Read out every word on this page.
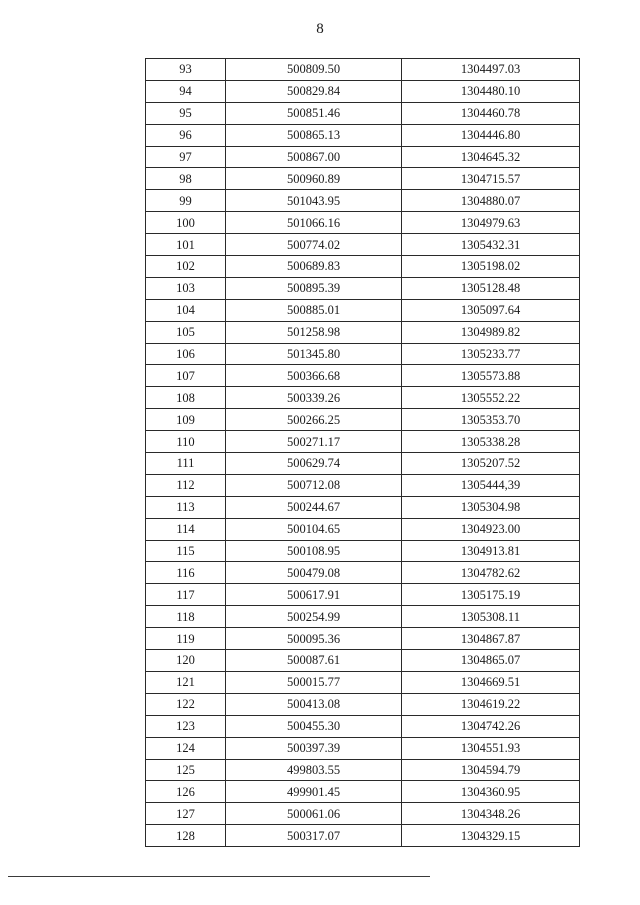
8
93	500809.50	1304497.03
94	500829.84	1304480.10
95	500851.46	1304460.78
96	500865.13	1304446.80
97	500867.00	1304645.32
98	500960.89	1304715.57
99	501043.95	1304880.07
100	501066.16	1304979.63
101	500774.02	1305432.31
102	500689.83	1305198.02
103	500895.39	1305128.48
104	500885.01	1305097.64
105	501258.98	1304989.82
106	501345.80	1305233.77
107	500366.68	1305573.88
108	500339.26	1305552.22
109	500266.25	1305353.70
110	500271.17	1305338.28
111	500629.74	1305207.52
112	500712.08	1305444,39
113	500244.67	1305304.98
114	500104.65	1304923.00
115	500108.95	1304913.81
116	500479.08	1304782.62
117	500617.91	1305175.19
118	500254.99	1305308.11
119	500095.36	1304867.87
120	500087.61	1304865.07
121	500015.77	1304669.51
122	500413.08	1304619.22
123	500455.30	1304742.26
124	500397.39	1304551.93
125	499803.55	1304594.79
126	499901.45	1304360.95
127	500061.06	1304348.26
128	500317.07	1304329.15
